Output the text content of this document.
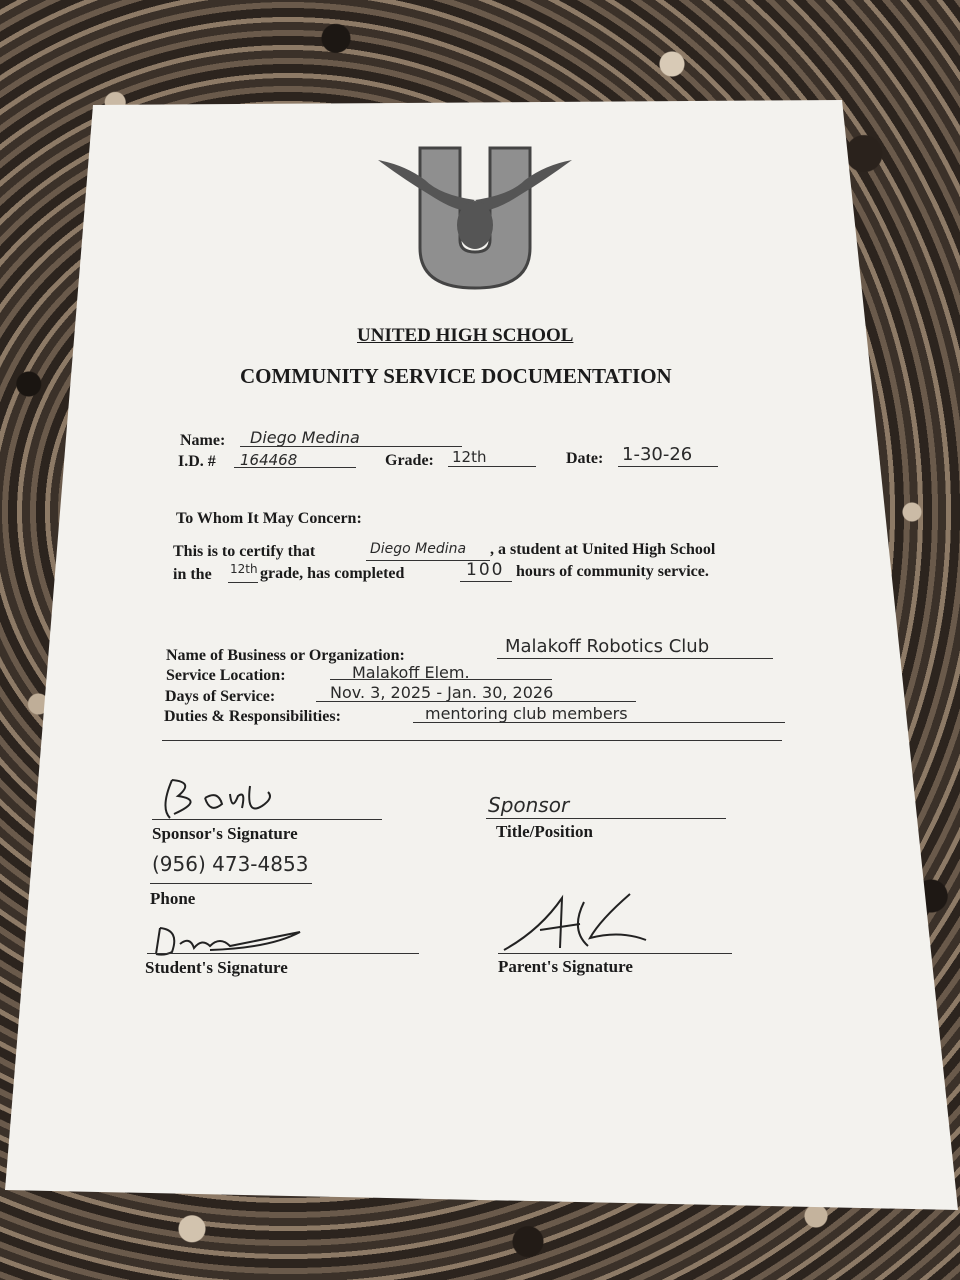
UNITED HIGH SCHOOL
COMMUNITY SERVICE DOCUMENTATION
Name: Diego Medina
I.D. # 164468	Grade: 12th	Date: 1-30-26
To Whom It May Concern:
This is to certify that	Diego Medina , a student at United High School
in the 12th grade, has completed	100 hours of community service.
Name of Business or Organization:	Malakoff Robotics Club
Service Location:	Malakoff Elem.
Days of Service:	Nov. 3, 2025 - Jan. 30, 2026
Duties & Responsibilities:	mentoring club members
Sponsor's Signature
Sponsor
Title/Position
(956) 473-4853
Phone
Student's Signature	Parent's Signature
